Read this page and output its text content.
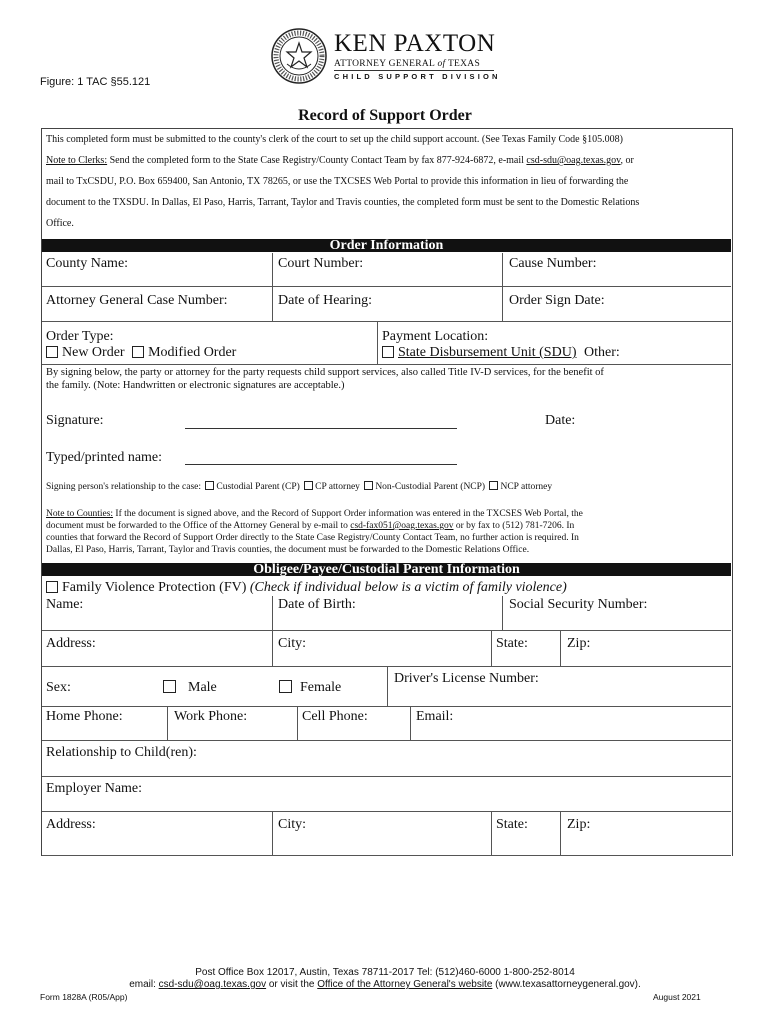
Figure: 1 TAC §55.121
KEN PAXTON
ATTORNEY GENERAL of TEXAS
CHILD SUPPORT DIVISION
Record of Support Order
This completed form must be submitted to the county's clerk of the court to set up the child support account. (See Texas Family Code §105.008)
Note to Clerks: Send the completed form to the State Case Registry/County Contact Team by fax 877-924-6872, e-mail csd-sdu@oag.texas.gov, or
mail to TxCSDU, P.O. Box 659400, San Antonio, TX 78265, or use the TXCSES Web Portal to provide this information in lieu of forwarding the
document to the TXSDU. In Dallas, El Paso, Harris, Tarrant, Taylor and Travis counties, the completed form must be sent to the Domestic Relations
Office.
Order Information
County Name:	Court Number:	Cause Number:
Attorney General Case Number:	Date of Hearing:	Order Sign Date:
Order Type:
New Order Modified Order
Payment Location:
State Disbursement Unit (SDU) Other:
By signing below, the party or attorney for the party requests child support services, also called Title IV-D services, for the benefit of
the family. (Note: Handwritten or electronic signatures are acceptable.)
Signature:	Date:
Typed/printed name:
Signing person's relationship to the case: Custodial Parent (CP) CP attorney Non-Custodial Parent (NCP) NCP attorney
Note to Counties: If the document is signed above, and the Record of Support Order information was entered in the TXCSES Web Portal, the
document must be forwarded to the Office of the Attorney General by e-mail to csd-fax051@oag.texas.gov or by fax to (512) 781-7206. In
counties that forward the Record of Support Order directly to the State Case Registry/County Contact Team, no further action is required. In
Dallas, El Paso, Harris, Tarrant, Taylor and Travis counties, the document must be forwarded to the Domestic Relations Office.
Obligee/Payee/Custodial Parent Information
Family Violence Protection (FV) (Check if individual below is a victim of family violence)
Name:	Date of Birth:	Social Security Number:
Address:	City:	State:	Zip:
Sex:	Male	Female
Driver's License Number:
Home Phone:	Work Phone:	Cell Phone:	Email:
Relationship to Child(ren):
Employer Name:
Address:	City:	State:	Zip:
Post Office Box 12017, Austin, Texas 78711-2017 Tel: (512)460-6000 1-800-252-8014
email: csd-sdu@oag.texas.gov or visit the Office of the Attorney General's website (www.texasattorneygeneral.gov).
Form 1828A (R05/App)	August 2021
